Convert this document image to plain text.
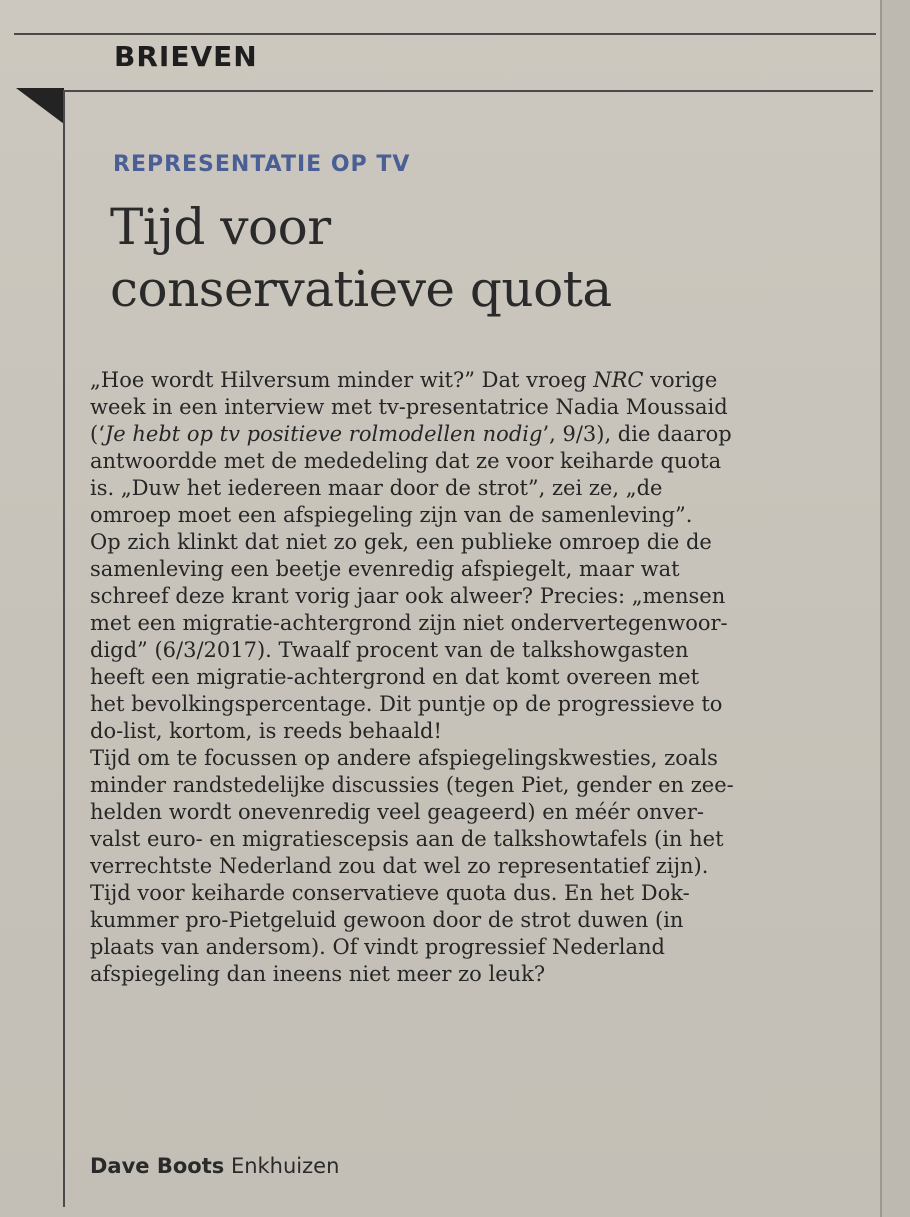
BRIEVEN
REPRESENTATIE OP TV
Tijd voor
conservatieve quota
„Hoe wordt Hilversum minder wit?” Dat vroeg NRC vorige
week in een interview met tv-presentatrice Nadia Moussaid
(‘Je hebt op tv positieve rolmodellen nodig’, 9/3), die daarop
antwoordde met de mededeling dat ze voor keiharde quota
is. „Duw het iedereen maar door de strot”, zei ze, „de
omroep moet een afspiegeling zijn van de samenleving”.
Op zich klinkt dat niet zo gek, een publieke omroep die de
samenleving een beetje evenredig afspiegelt, maar wat
schreef deze krant vorig jaar ook alweer? Precies: „mensen
met een migratie-achtergrond zijn niet ondervertegenwoor-
digd” (6/3/2017). Twaalf procent van de talkshowgasten
heeft een migratie-achtergrond en dat komt overeen met
het bevolkingspercentage. Dit puntje op de progressieve to
do-list, kortom, is reeds behaald!
Tijd om te focussen op andere afspiegelingskwesties, zoals
minder randstedelijke discussies (tegen Piet, gender en zee-
helden wordt onevenredig veel geageerd) en méér onver-
valst euro- en migratiescepsis aan de talkshowtafels (in het
verrechtste Nederland zou dat wel zo representatief zijn).
Tijd voor keiharde conservatieve quota dus. En het Dok-
kummer pro-Pietgeluid gewoon door de strot duwen (in
plaats van andersom). Of vindt progressief Nederland
afspiegeling dan ineens niet meer zo leuk?
Dave Boots Enkhuizen
